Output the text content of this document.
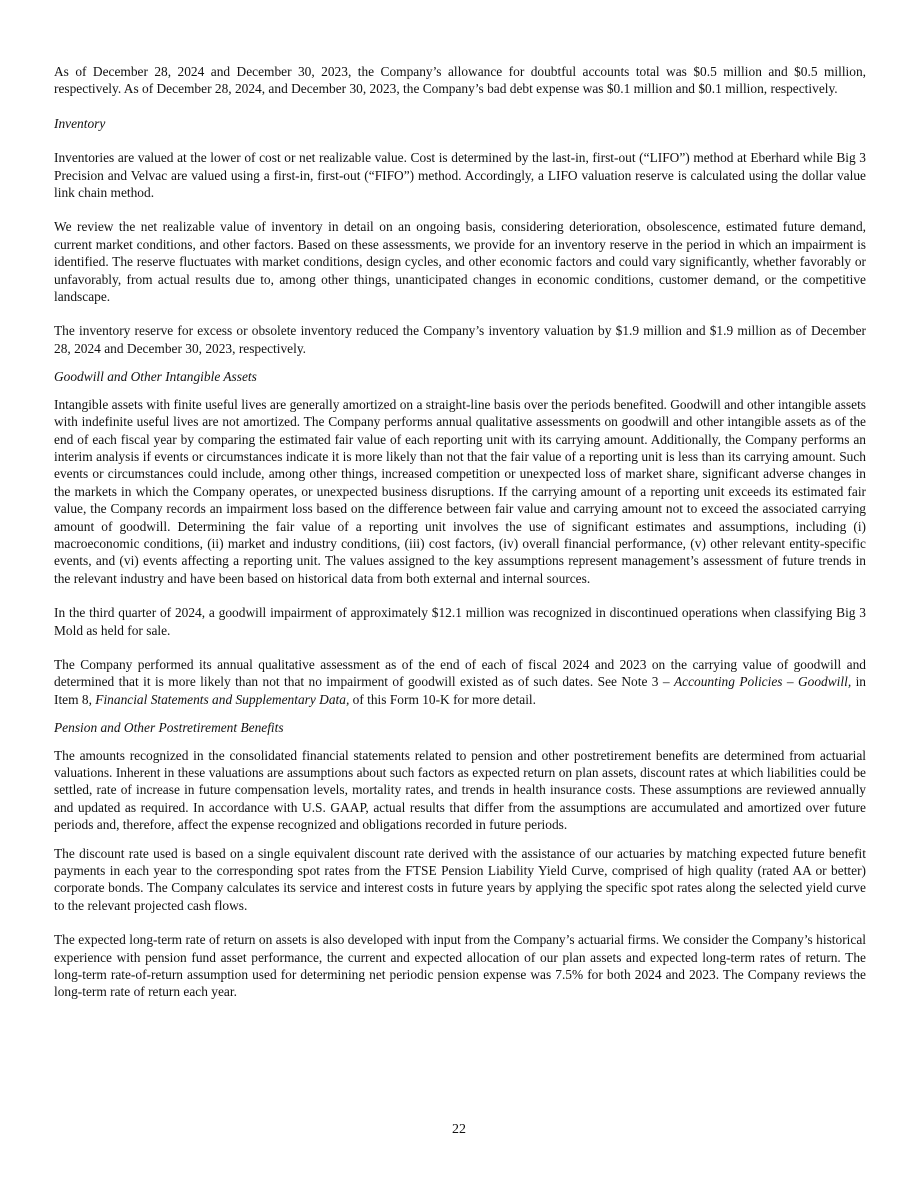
As of December 28, 2024 and December 30, 2023, the Company’s allowance for doubtful accounts total was $0.5 million and $0.5 million, respectively. As of December 28, 2024, and December 30, 2023, the Company’s bad debt expense was $0.1 million and $0.1 million, respectively.

Inventory

Inventories are valued at the lower of cost or net realizable value. Cost is determined by the last-in, first-out (“LIFO”) method at Eberhard while Big 3 Precision and Velvac are valued using a first-in, first-out (“FIFO”) method. Accordingly, a LIFO valuation reserve is calculated using the dollar value link chain method.

We review the net realizable value of inventory in detail on an ongoing basis, considering deterioration, obsolescence, estimated future demand, current market conditions, and other factors. Based on these assessments, we provide for an inventory reserve in the period in which an impairment is identified. The reserve fluctuates with market conditions, design cycles, and other economic factors and could vary significantly, whether favorably or unfavorably, from actual results due to, among other things, unanticipated changes in economic conditions, customer demand, or the competitive landscape.

The inventory reserve for excess or obsolete inventory reduced the Company’s inventory valuation by $1.9 million and $1.9 million as of December 28, 2024 and December 30, 2023, respectively.

Goodwill and Other Intangible Assets

Intangible assets with finite useful lives are generally amortized on a straight-line basis over the periods benefited. Goodwill and other intangible assets with indefinite useful lives are not amortized. The Company performs annual qualitative assessments on goodwill and other intangible assets as of the end of each fiscal year by comparing the estimated fair value of each reporting unit with its carrying amount. Additionally, the Company performs an interim analysis if events or circumstances indicate it is more likely than not that the fair value of a reporting unit is less than its carrying amount. Such events or circumstances could include, among other things, increased competition or unexpected loss of market share, significant adverse changes in the markets in which the Company operates, or unexpected business disruptions. If the carrying amount of a reporting unit exceeds its estimated fair value, the Company records an impairment loss based on the difference between fair value and carrying amount not to exceed the associated carrying amount of goodwill. Determining the fair value of a reporting unit involves the use of significant estimates and assumptions, including (i) macroeconomic conditions, (ii) market and industry conditions, (iii) cost factors, (iv) overall financial performance, (v) other relevant entity-specific events, and (vi) events affecting a reporting unit. The values assigned to the key assumptions represent management’s assessment of future trends in the relevant industry and have been based on historical data from both external and internal sources.

In the third quarter of 2024, a goodwill impairment of approximately $12.1 million was recognized in discontinued operations when classifying Big 3 Mold as held for sale.

The Company performed its annual qualitative assessment as of the end of each of fiscal 2024 and 2023 on the carrying value of goodwill and determined that it is more likely than not that no impairment of goodwill existed as of such dates. See Note 3 – Accounting Policies – Goodwill, in Item 8, Financial Statements and Supplementary Data, of this Form 10-K for more detail.

Pension and Other Postretirement Benefits

The amounts recognized in the consolidated financial statements related to pension and other postretirement benefits are determined from actuarial valuations. Inherent in these valuations are assumptions about such factors as expected return on plan assets, discount rates at which liabilities could be settled, rate of increase in future compensation levels, mortality rates, and trends in health insurance costs. These assumptions are reviewed annually and updated as required. In accordance with U.S. GAAP, actual results that differ from the assumptions are accumulated and amortized over future periods and, therefore, affect the expense recognized and obligations recorded in future periods.

The discount rate used is based on a single equivalent discount rate derived with the assistance of our actuaries by matching expected future benefit payments in each year to the corresponding spot rates from the FTSE Pension Liability Yield Curve, comprised of high quality (rated AA or better) corporate bonds. The Company calculates its service and interest costs in future years by applying the specific spot rates along the selected yield curve to the relevant projected cash flows.

The expected long-term rate of return on assets is also developed with input from the Company’s actuarial firms. We consider the Company’s historical experience with pension fund asset performance, the current and expected allocation of our plan assets and expected long-term rates of return. The long-term rate-of-return assumption used for determining net periodic pension expense was 7.5% for both 2024 and 2023. The Company reviews the long-term rate of return each year.

22
